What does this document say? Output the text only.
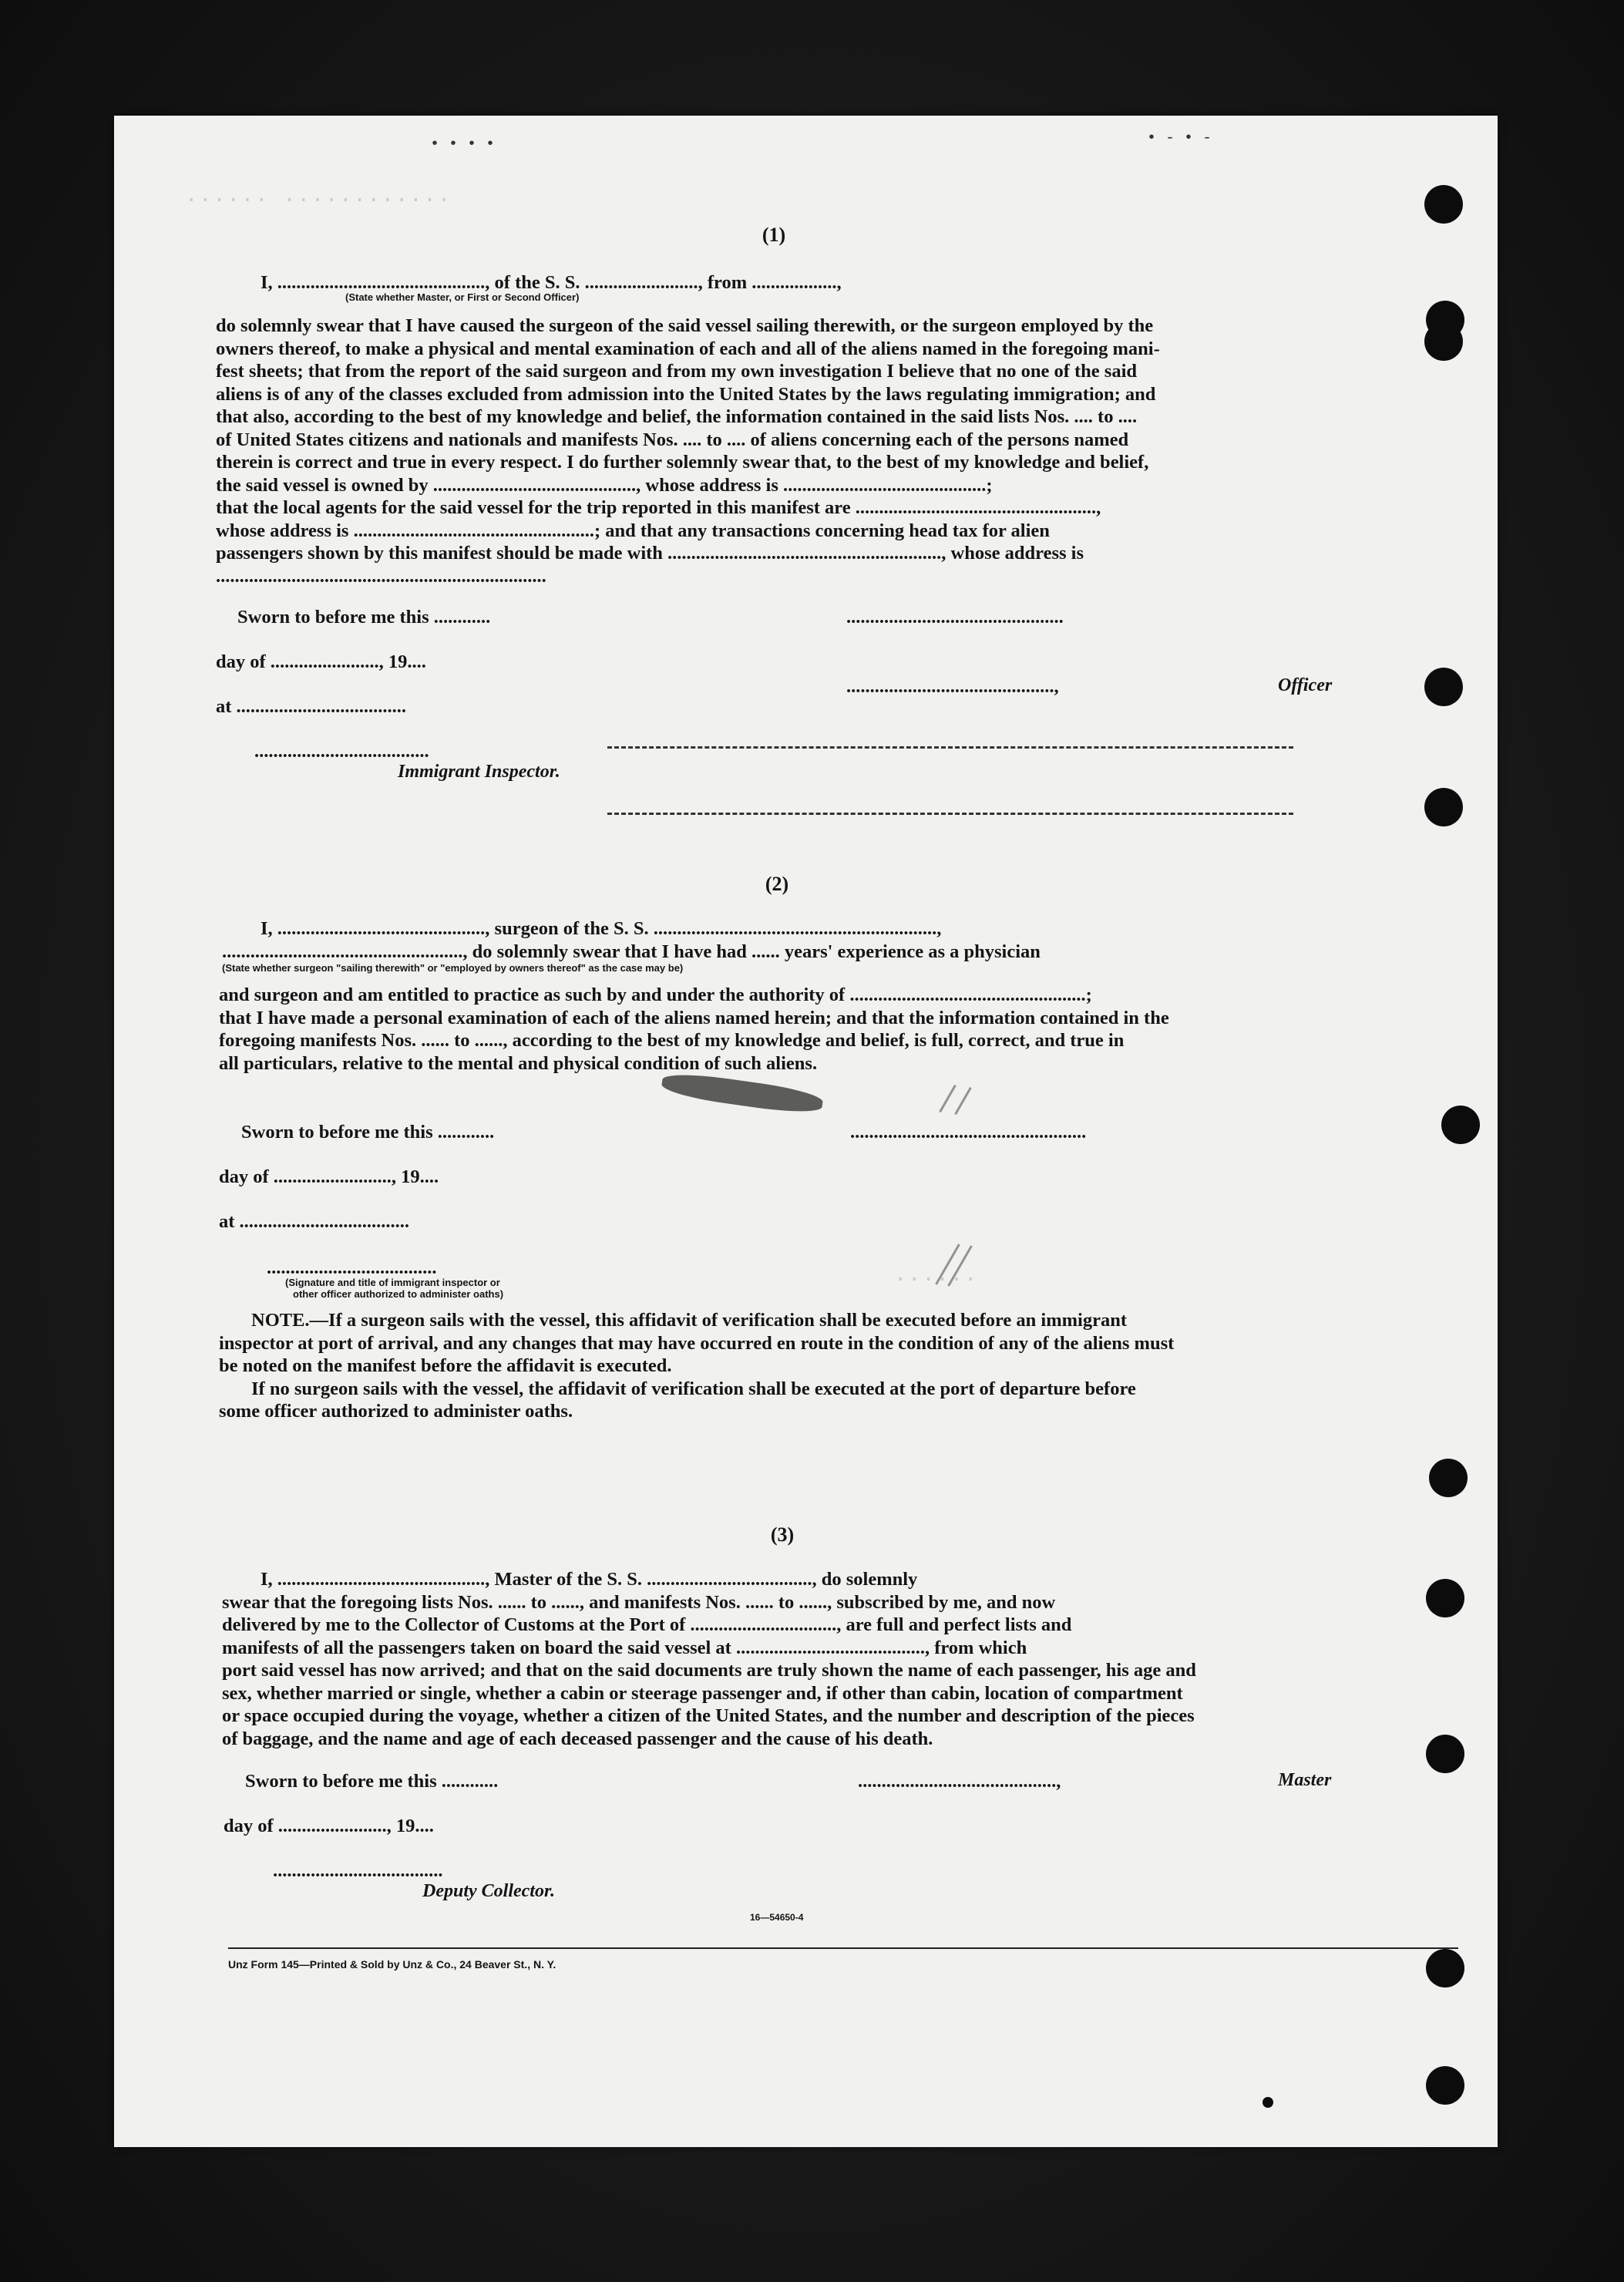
............ ......
......
• • • •	• - • -
(1)
I, ............................................, of the S. S. ........................, from ..................,
(State whether Master, or First or Second Officer)

do solemnly swear that I have caused the surgeon of the said vessel sailing therewith, or the surgeon employed by the

owners thereof, to make a physical and mental examination of each and all of the aliens named in the foregoing mani-

fest sheets; that from the report of the said surgeon and from my own investigation I believe that no one of the said

aliens is of any of the classes excluded from admission into the United States by the laws regulating immigration; and

that also, according to the best of my knowledge and belief, the information contained in the said lists Nos. .... to ....

of United States citizens and nationals and manifests Nos. .... to .... of aliens concerning each of the persons named

therein is correct and true in every respect. I do further solemnly swear that, to the best of my knowledge and belief,

the said vessel is owned by ..........................................., whose address is ...........................................;

that the local agents for the said vessel for the trip reported in this manifest are ...................................................,

whose address is ...................................................; and that any transactions concerning head tax for alien

passengers shown by this manifest should be made with .........................................................., whose address is

......................................................................

Sworn to before me this ............	..............................................
day of ......................., 19....
............................................,	Officer
at ....................................
.....................................
Immigrant Inspector.
(2)
I, ............................................, surgeon of the S. S. ............................................................,
..................................................., do solemnly swear that I have had ...... years' experience as a physician
(State whether surgeon "sailing therewith" or "employed by owners thereof" as the case may be)

and surgeon and am entitled to practice as such by and under the authority of ..................................................;

that I have made a personal examination of each of the aliens named herein; and that the information contained in the

foregoing manifests Nos. ...... to ......, according to the best of my knowledge and belief, is full, correct, and true in

all particulars, relative to the mental and physical condition of such aliens.

Sworn to before me this ............	..................................................
day of ........................., 19....
at ....................................
....................................
(Signature and title of immigrant inspector or
other officer authorized to administer oaths)

NOTE.—If a surgeon sails with the vessel, this affidavit of verification shall be executed before an immigrant

inspector at port of arrival, and any changes that may have occurred en route in the condition of any of the aliens must

be noted on the manifest before the affidavit is executed.

If no surgeon sails with the vessel, the affidavit of verification shall be executed at the port of departure before

some officer authorized to administer oaths.

(3)

I, ............................................, Master of the S. S. ..................................., do solemnly

swear that the foregoing lists Nos. ...... to ......, and manifests Nos. ...... to ......, subscribed by me, and now

delivered by me to the Collector of Customs at the Port of ..............................., are full and perfect lists and

manifests of all the passengers taken on board the said vessel at ........................................, from which

port said vessel has now arrived; and that on the said documents are truly shown the name of each passenger, his age and

sex, whether married or single, whether a cabin or steerage passenger and, if other than cabin, location of compartment

or space occupied during the voyage, whether a citizen of the United States, and the number and description of the pieces

of baggage, and the name and age of each deceased passenger and the cause of his death.

Sworn to before me this ............	..........................................,	Master
day of ......................., 19....
....................................
Deputy Collector.
16—54650-4
Unz Form 145—Printed & Sold by Unz & Co., 24 Beaver St., N. Y.
